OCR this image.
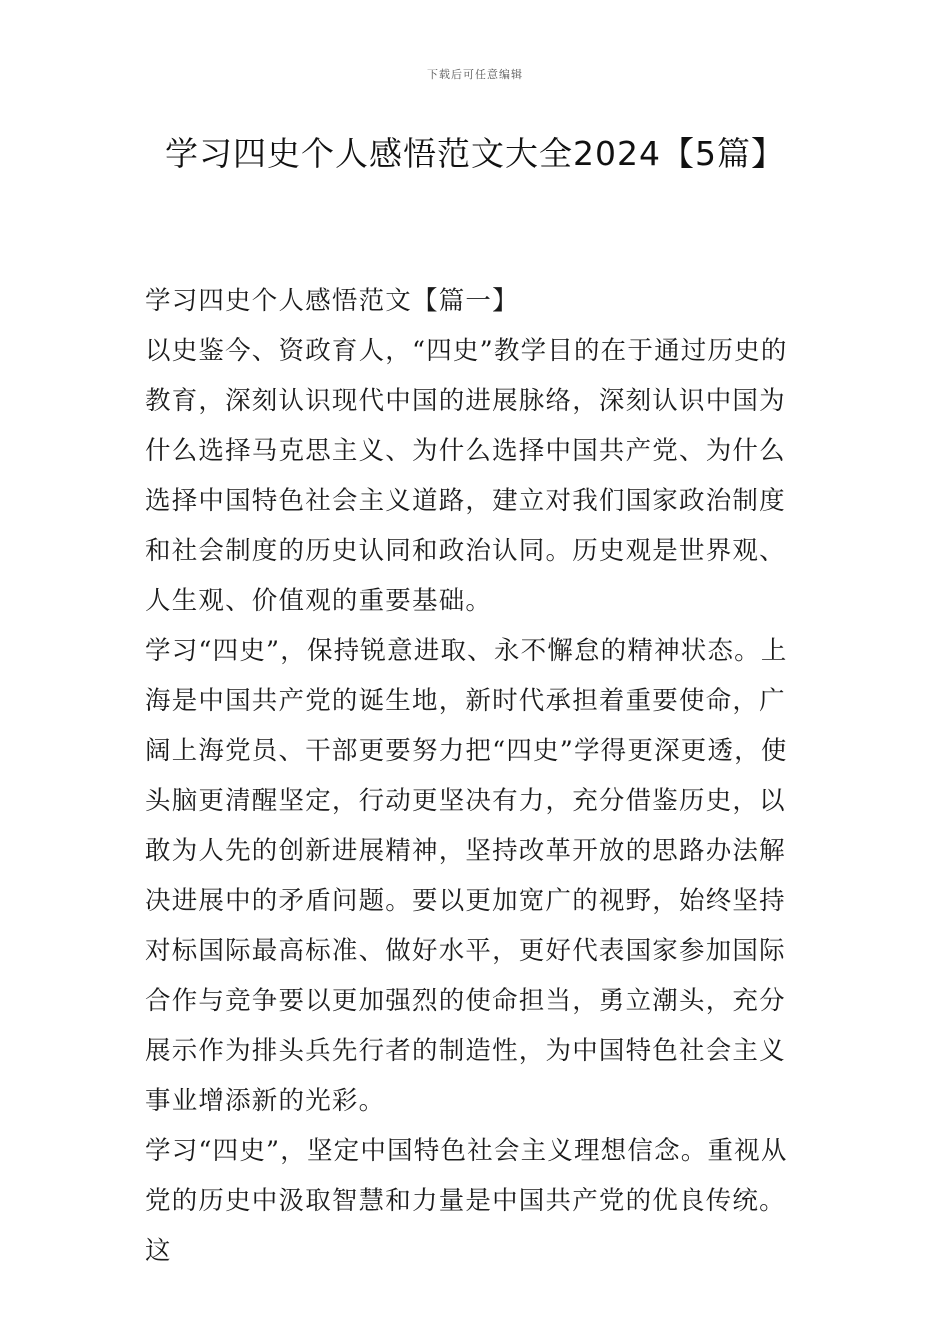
下载后可任意编辑
学习四史个人感悟范文大全2024【5篇】

学习四史个人感悟范文【篇一】

以史鉴今、资政育人，“四史”教学目的在于通过历史的教育，深刻认识现代中国的进展脉络，深刻认识中国为什么选择马克思主义、为什么选择中国共产党、为什么选择中国特色社会主义道路，建立对我们国家政治制度和社会制度的历史认同和政治认同。历史观是世界观、人生观、价值观的重要基础。

学习“四史”，保持锐意进取、永不懈怠的精神状态。上海是中国共产党的诞生地，新时代承担着重要使命，广阔上海党员、干部更要努力把“四史”学得更深更透，使头脑更清醒坚定，行动更坚决有力，充分借鉴历史，以敢为人先的创新进展精神，坚持改革开放的思路办法解决进展中的矛盾问题。要以更加宽广的视野，始终坚持对标国际最高标准、做好水平，更好代表国家参加国际合作与竞争要以更加强烈的使命担当，勇立潮头，充分展示作为排头兵先行者的制造性，为中国特色社会主义事业增添新的光彩。

学习“四史”，坚定中国特色社会主义理想信念。重视从党的历史中汲取智慧和力量是中国共产党的优良传统。这
